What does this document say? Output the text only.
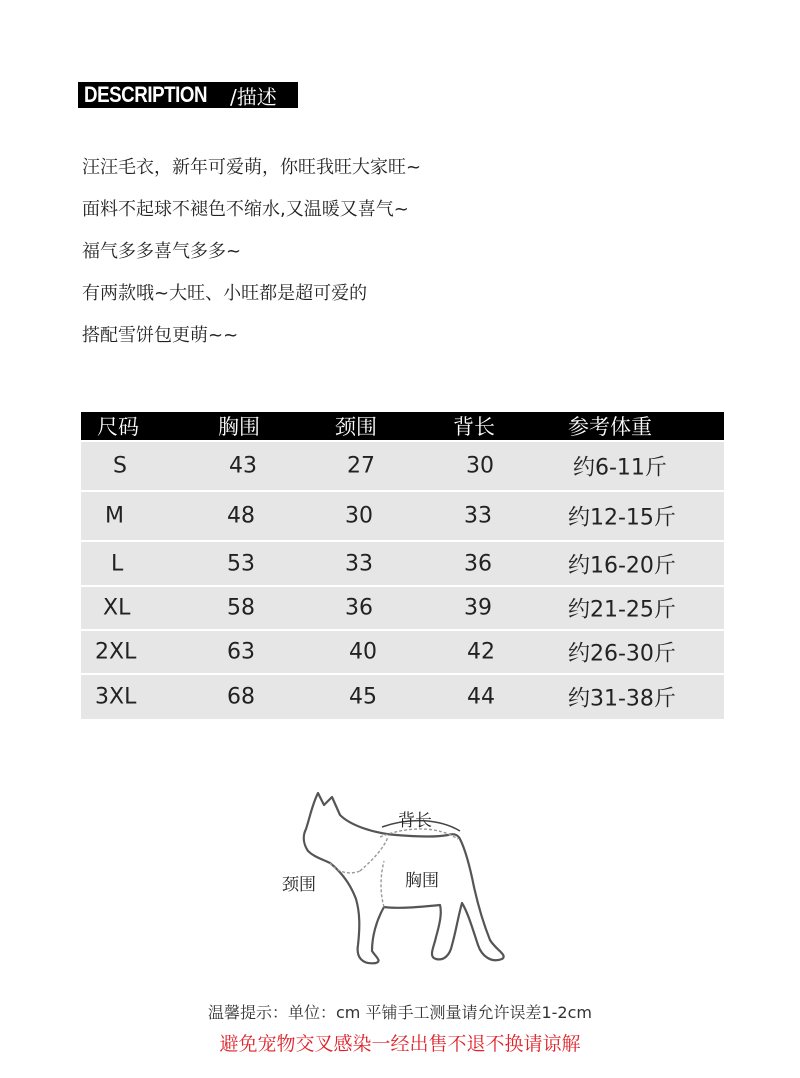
DESCRIPTION /描述
汪汪毛衣，新年可爱萌，你旺我旺大家旺~
面料不起球不褪色不缩水,又温暖又喜气~
福气多多喜气多多~
有两款哦~大旺、小旺都是超可爱的
搭配雪饼包更萌~~
尺码	胸围	颈围	背长	参考体重
S	43	27	30	约6-11斤
M	48	30	33	约12-15斤
L	53	33	36	约16-20斤
XL	58	36	39	约21-25斤
2XL	63	40	42	约26-30斤
3XL	68	45	44	约31-38斤
背长
颈围	胸围
温馨提示：单位：cm 平铺手工测量请允许误差1-2cm
避免宠物交叉感染一经出售不退不换请谅解
